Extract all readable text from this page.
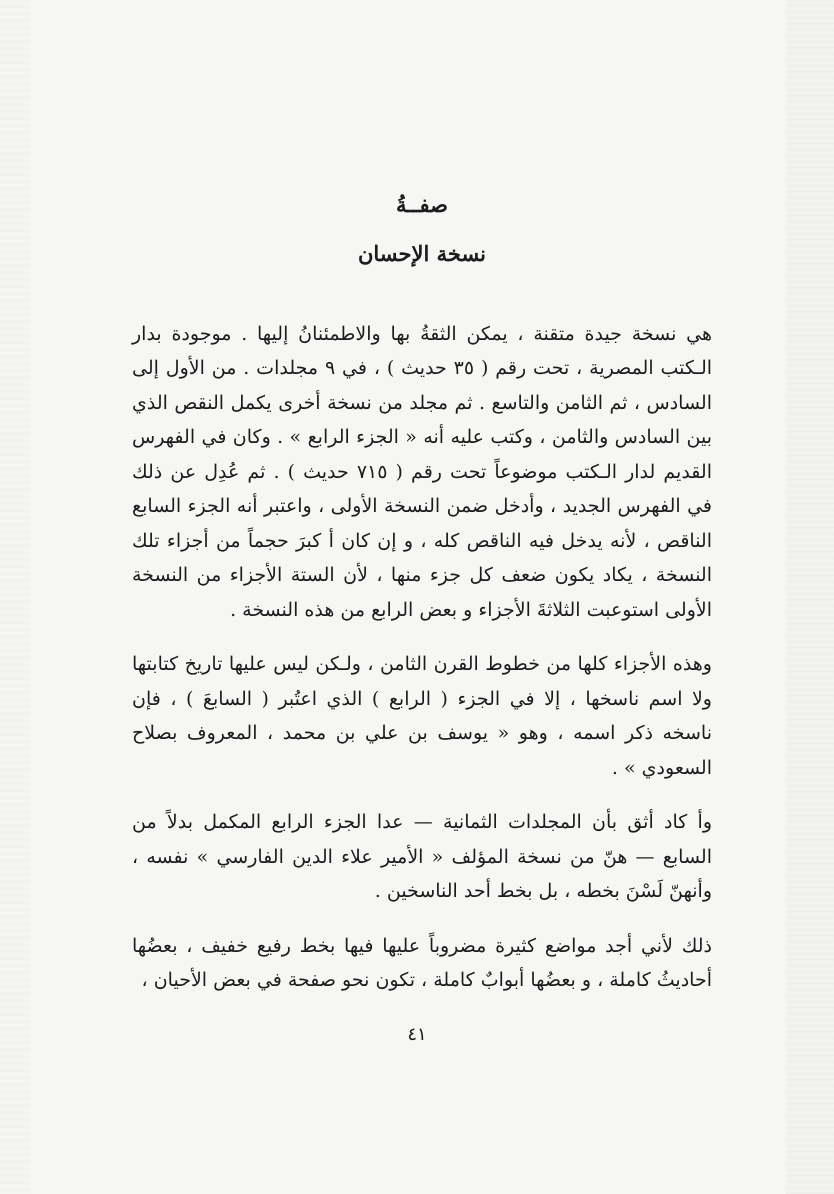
صفــةُ
نسخة الإحسان

هي نسخة جيدة متقنة ، يمكن الثقةُ بها والاطمئنانُ إليها . موجودة بدار الـكتب المصرية ، تحت رقم ( ٣٥ حديث ) ، في ٩ مجلدات . من الأول إلى السادس ، ثم الثامن والتاسع . ثم مجلد من نسخة أخرى يكمل النقص الذي بين السادس والثامن ، وكتب عليه أنه « الجزء الرابع » . وكان في الفهرس القديم لدار الـكتب موضوعاً تحت رقم ( ٧١٥ حديث ) . ثم عُدِل عن ذلك في الفهرس الجديد ، وأدخل ضمن النسخة الأولى ، واعتبر أنه الجزء السابع الناقص ، لأنه يدخل فيه الناقص كله ، و إن كان أ كبرَ حجماً من أجزاء تلك النسخة ، يكاد يكون ضعف كل جزء منها ، لأن الستة الأجزاء من النسخة الأولى استوعبت الثلاثةَ الأجزاء و بعض الرابع من هذه النسخة .

وهذه الأجزاء كلها من خطوط القرن الثامن ، ولـكن ليس عليها تاريخ كتابتها ولا اسم ناسخها ، إلا في الجزء ( الرابع ) الذي اعتُبر ( السابعَ ) ، فإن ناسخه ذكر اسمه ، وهو « يوسف بن علي بن محمد ، المعروف بصلاح السعودي » .

وأ كاد أثق بأن المجلدات الثمانية — عدا الجزء الرابع المكمل بدلاً من السابع — هنّ من نسخة المؤلف « الأمير علاء الدين الفارسي » نفسه ، وأنهنّ لَسْنَ بخطه ، بل بخط أحد الناسخين .

ذلك لأني أجد مواضع كثيرة مضروباً عليها فيها بخط رفيع خفيف ، بعضُها أحاديثُ كاملة ، و بعضُها أبوابٌ كاملة ، تكون نحو صفحة في بعض الأحيان ،

٤١
